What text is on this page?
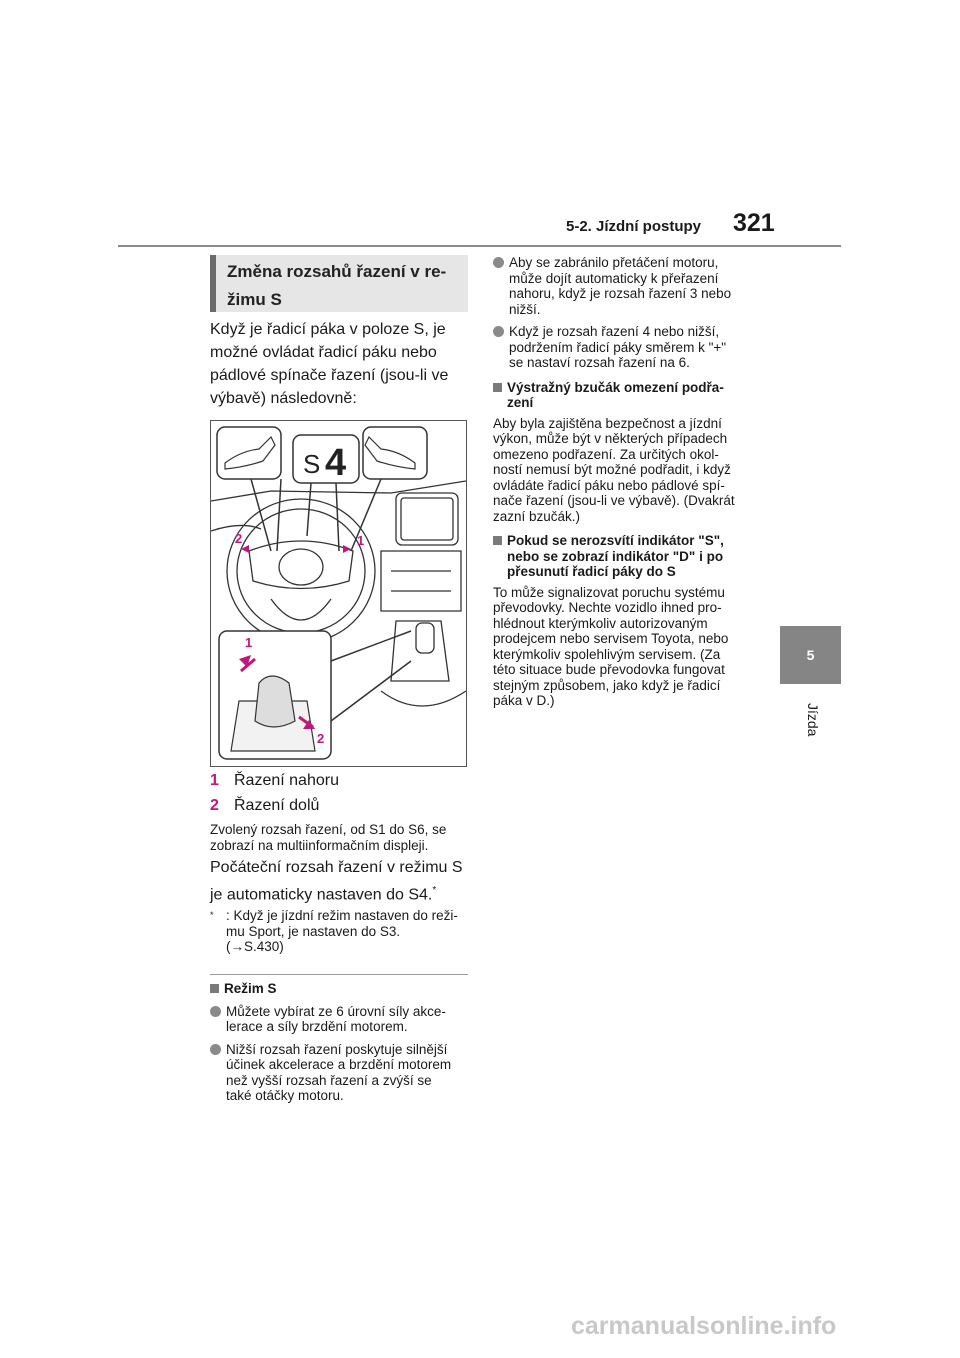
5-2. Jízdní postupy 321
5
Jízda
Změna rozsahů řazení v re-
žimu S
Když je řadicí páka v poloze S, je
možné ovládat řadicí páku nebo
pádlové spínače řazení (jsou-li ve
výbavě) následovně:
S 4
2	1
1
2
1 Řazení nahoru
2 Řazení dolů
Zvolený rozsah řazení, od S1 do S6, se
zobrazí na multiinformačním displeji.
Počáteční rozsah řazení v režimu S
je automaticky nastaven do S4.*
* : Když je jízdní režim nastaven do reži-
mu Sport, je nastaven do S3.
(→S.430)
Režim S
Můžete vybírat ze 6 úrovní síly akce-
lerace a síly brzdění motorem.
Nižší rozsah řazení poskytuje silnější
účinek akcelerace a brzdění motorem
než vyšší rozsah řazení a zvýší se
také otáčky motoru.
Aby se zabránilo přetáčení motoru,
může dojít automaticky k přeřazení
nahoru, když je rozsah řazení 3 nebo
nižší.
Když je rozsah řazení 4 nebo nižší,
podržením řadicí páky směrem k "+"
se nastaví rozsah řazení na 6.
Výstražný bzučák omezení podřa-
zení
Aby byla zajištěna bezpečnost a jízdní
výkon, může být v některých případech
omezeno podřazení. Za určitých okol-
ností nemusí být možné podřadit, i když
ovládáte řadicí páku nebo pádlové spí-
nače řazení (jsou-li ve výbavě). (Dvakrát
zazní bzučák.)
Pokud se nerozsvítí indikátor "S",
nebo se zobrazí indikátor "D" i po
přesunutí řadicí páky do S
To může signalizovat poruchu systému
převodovky. Nechte vozidlo ihned pro-
hlédnout kterýmkoliv autorizovaným
prodejcem nebo servisem Toyota, nebo
kterýmkoliv spolehlivým servisem. (Za
této situace bude převodovka fungovat
stejným způsobem, jako když je řadicí
páka v D.)
carmanualsonline.info
